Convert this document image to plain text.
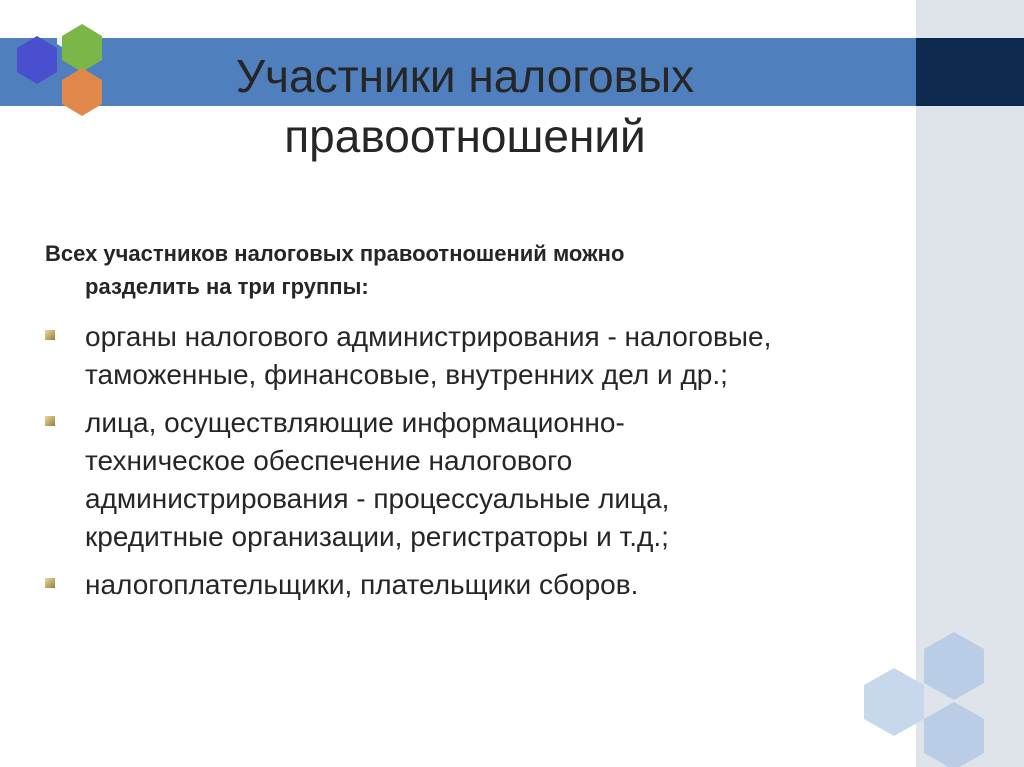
Участники налоговых
правоотношений

Всех участников налоговых правоотношений можно
разделить на три группы:

органы налогового администрирования - налоговые,
таможенные, финансовые, внутренних дел и др.;
лица, осуществляющие информационно-
техническое обеспечение налогового
администрирования - процессуальные лица,
кредитные организации, регистраторы и т.д.;
налогоплательщики, плательщики сборов.
